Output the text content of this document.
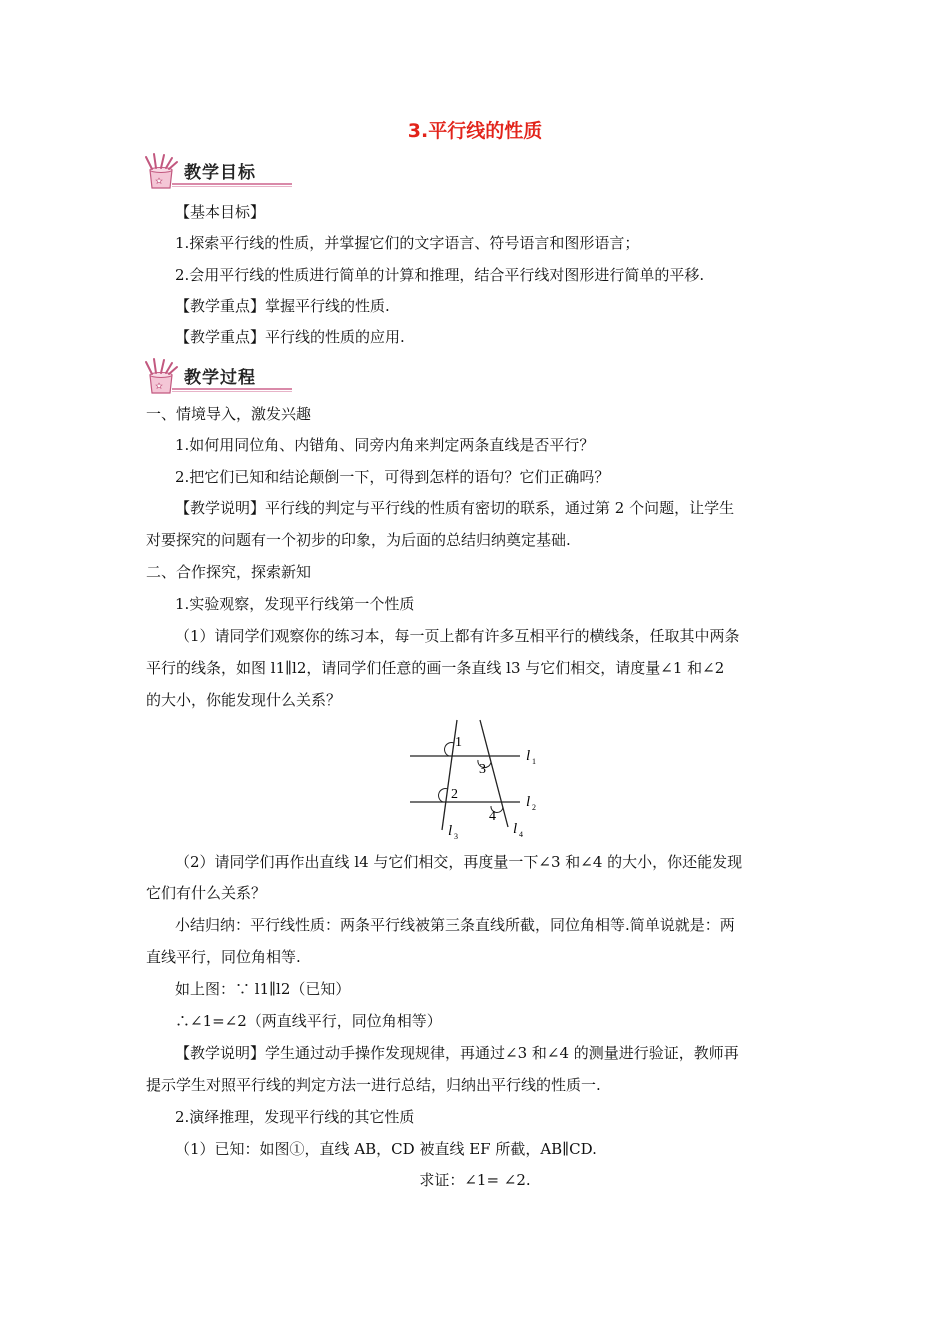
3.平行线的性质
教学目标
【基本目标】
1.探索平行线的性质，并掌握它们的文字语言、符号语言和图形语言；
2.会用平行线的性质进行简单的计算和推理，结合平行线对图形进行简单的平移.
【教学重点】掌握平行线的性质.
【教学重点】平行线的性质的应用.
教学过程
一、情境导入，激发兴趣
1.如何用同位角、内错角、同旁内角来判定两条直线是否平行？
2.把它们已知和结论颠倒一下，可得到怎样的语句？它们正确吗？
【教学说明】平行线的判定与平行线的性质有密切的联系，通过第 2 个问题，让学生
对要探究的问题有一个初步的印象，为后面的总结归纳奠定基础.
二、合作探究，探索新知
1.实验观察，发现平行线第一个性质
（1）请同学们观察你的练习本，每一页上都有许多互相平行的横线条，任取其中两条
平行的线条，如图 l1∥l2，请同学们任意的画一条直线 l3 与它们相交，请度量∠1 和∠2
的大小，你能发现什么关系？
1
3
2
4
l 1
l 2
l 3	l 4
（2）请同学们再作出直线 l4 与它们相交，再度量一下∠3 和∠4 的大小，你还能发现
它们有什么关系？
小结归纳：平行线性质：两条平行线被第三条直线所截，同位角相等.简单说就是：两
直线平行，同位角相等.
如上图：∵ l1∥l2（已知）
∴∠1=∠2（两直线平行，同位角相等）
【教学说明】学生通过动手操作发现规律，再通过∠3 和∠4 的测量进行验证，教师再
提示学生对照平行线的判定方法一进行总结，归纳出平行线的性质一.
2.演绎推理，发现平行线的其它性质
（1）已知：如图①，直线 AB，CD 被直线 EF 所截，AB∥CD.
求证：∠1= ∠2.
